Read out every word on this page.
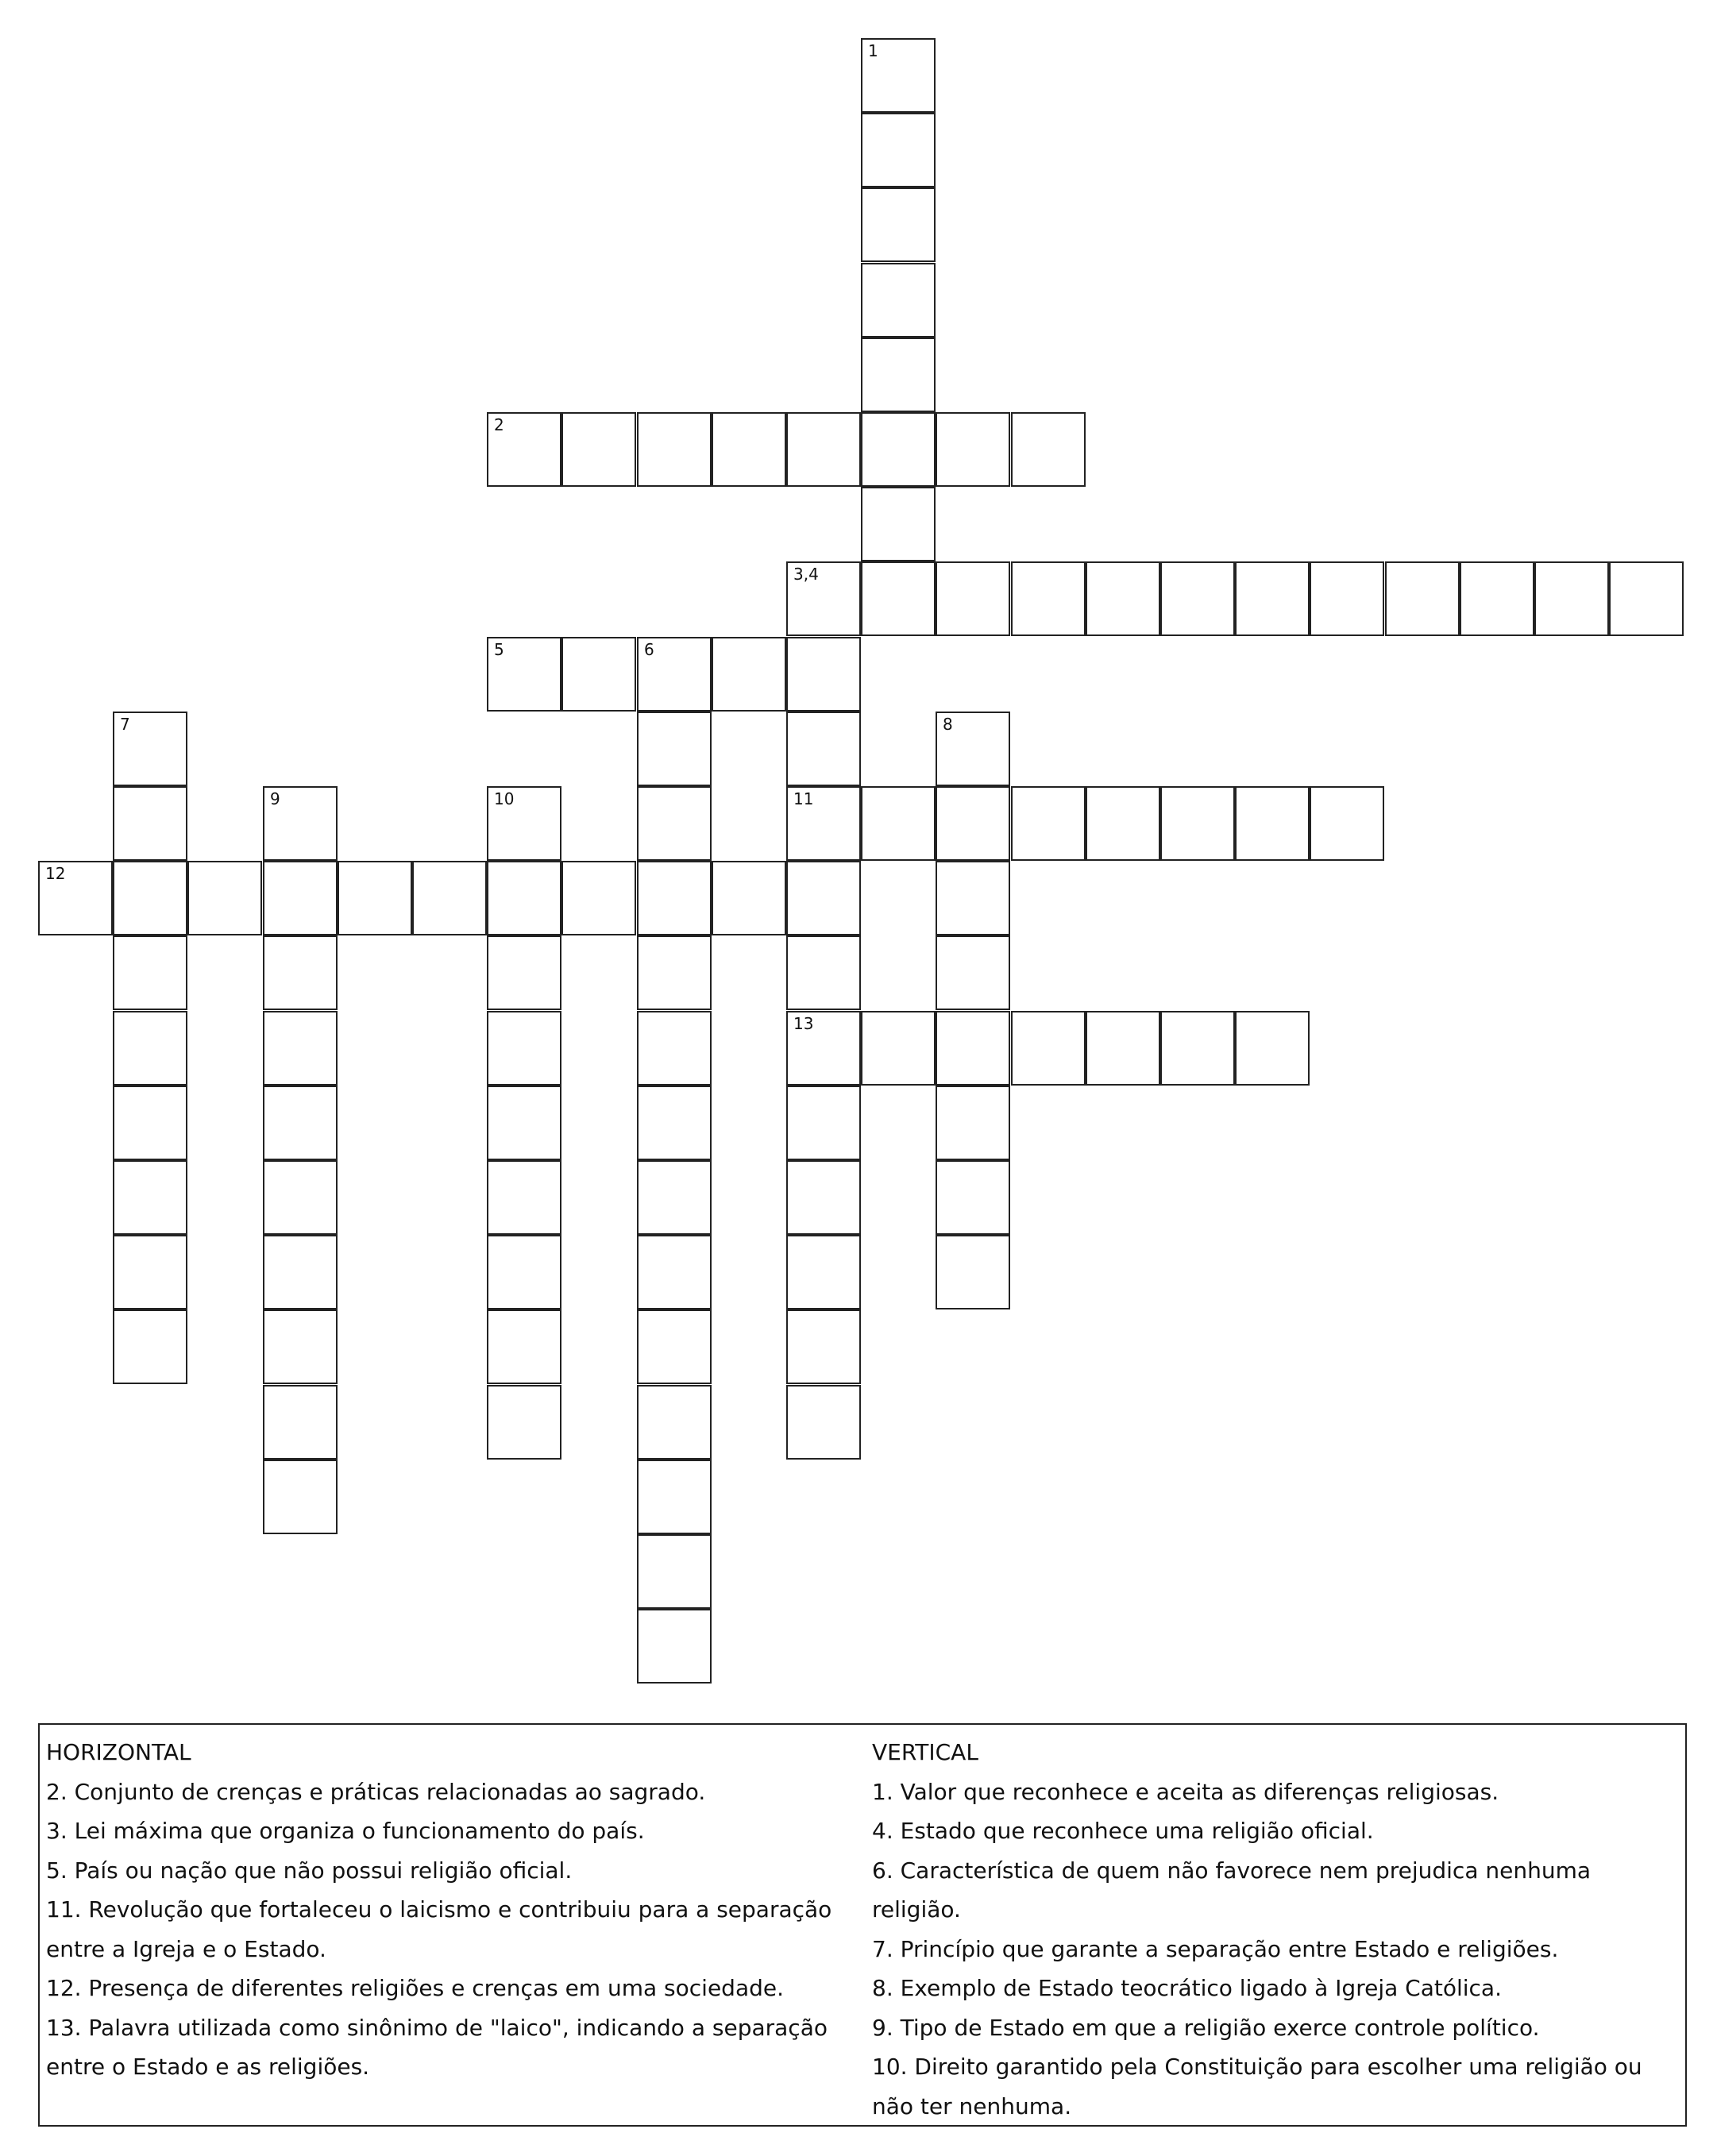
1
2
3,4
11
13
5	6
7	8
9	10
12
HORIZONTAL
2. Conjunto de crenças e práticas relacionadas ao sagrado.
3. Lei máxima que organiza o funcionamento do país.
5. País ou nação que não possui religião oficial.
11. Revolução que fortaleceu o laicismo e contribuiu para a separação entre a Igreja e o Estado.
12. Presença de diferentes religiões e crenças em uma sociedade.
13. Palavra utilizada como sinônimo de "laico", indicando a separação entre o Estado e as religiões.
VERTICAL
1. Valor que reconhece e aceita as diferenças religiosas.
4. Estado que reconhece uma religião oficial.
6. Característica de quem não favorece nem prejudica nenhuma religião.
7. Princípio que garante a separação entre Estado e religiões.
8. Exemplo de Estado teocrático ligado à Igreja Católica.
9. Tipo de Estado em que a religião exerce controle político.
10. Direito garantido pela Constituição para escolher uma religião ou não ter nenhuma.
